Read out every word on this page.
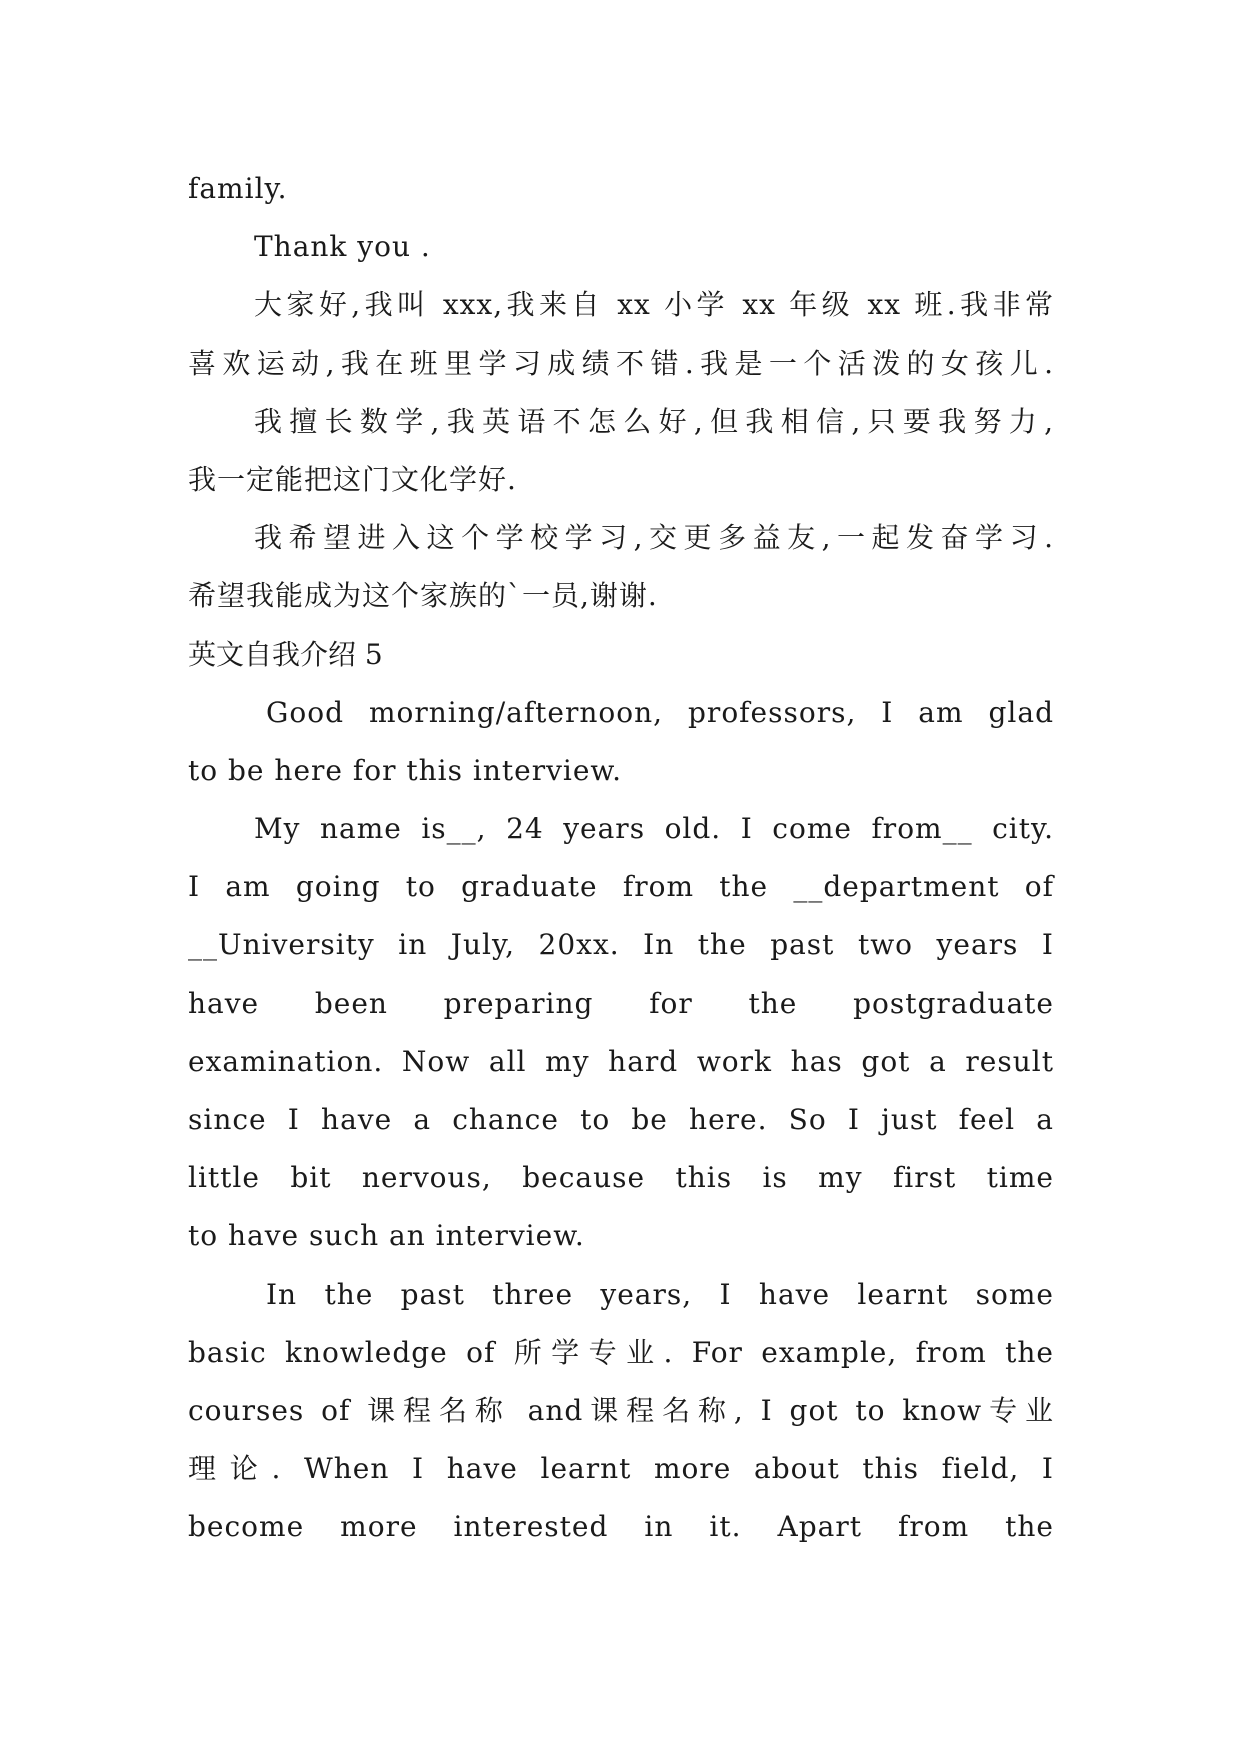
family.
Thank you .
大家好,我叫 xxx,我来自 xx 小学 xx 年级 xx 班.我非常
喜欢运动,我在班里学习成绩不错.我是一个活泼的女孩儿.
我擅长数学,我英语不怎么好,但我相信,只要我努力,
我一定能把这门文化学好.
我希望进入这个学校学习,交更多益友,一起发奋学习.
希望我能成为这个家族的`一员,谢谢.
英文自我介绍 5
Good morning/afternoon, professors, I am glad
to be here for this interview.
My name is__, 24 years old. I come from__ city.
I am going to graduate from the __department of
__University in July, 20xx. In the past two years I
have been preparing for the postgraduate
examination. Now all my hard work has got a result
since I have a chance to be here. So I just feel a
little bit nervous, because this is my first time
to have such an interview.
In the past three years, I have learnt some
basic knowledge of 所学专业. For example, from the
courses of 课程名称 and课程名称, I got to know专业
理论. When I have learnt more about this field, I
become more interested in it. Apart from the
